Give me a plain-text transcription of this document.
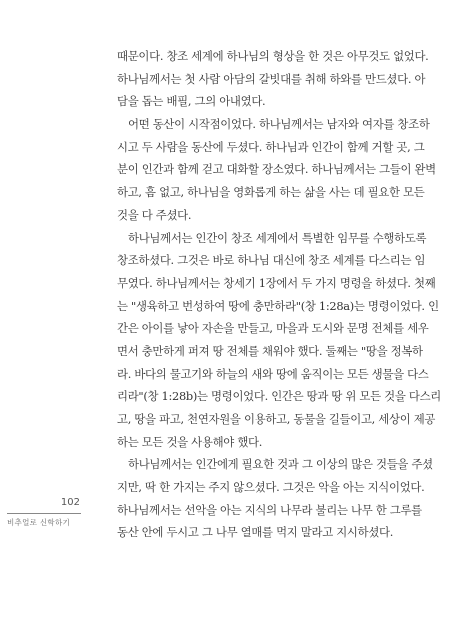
때문이다. 창조 세계에 하나님의 형상을 한 것은 아무것도 없었다.
하나님께서는 첫 사람 아담의 갈빗대를 취해 하와를 만드셨다. 아
담을 돕는 배필, 그의 아내였다.
어떤 동산이 시작점이었다. 하나님께서는 남자와 여자를 창조하
시고 두 사람을 동산에 두셨다. 하나님과 인간이 함께 거할 곳, 그
분이 인간과 함께 걷고 대화할 장소였다. 하나님께서는 그들이 완벽
하고, 흠 없고, 하나님을 영화롭게 하는 삶을 사는 데 필요한 모든
것을 다 주셨다.
하나님께서는 인간이 창조 세계에서 특별한 임무를 수행하도록
창조하셨다. 그것은 바로 하나님 대신에 창조 세계를 다스리는 임
무였다. 하나님께서는 창세기 1장에서 두 가지 명령을 하셨다. 첫째
는 "생육하고 번성하여 땅에 충만하라"(창 1:28a)는 명령이었다. 인
간은 아이를 낳아 자손을 만들고, 마을과 도시와 문명 전체를 세우
면서 충만하게 퍼져 땅 전체를 채워야 했다. 둘째는 "땅을 정복하
라. 바다의 물고기와 하늘의 새와 땅에 움직이는 모든 생물을 다스
리라"(창 1:28b)는 명령이었다. 인간은 땅과 땅 위 모든 것을 다스리
고, 땅을 파고, 천연자원을 이용하고, 동물을 길들이고, 세상이 제공
하는 모든 것을 사용해야 했다.
하나님께서는 인간에게 필요한 것과 그 이상의 많은 것들을 주셨
지만, 딱 한 가지는 주지 않으셨다. 그것은 악을 아는 지식이었다.
하나님께서는 선악을 아는 지식의 나무라 불리는 나무 한 그루를
동산 안에 두시고 그 나무 열매를 먹지 말라고 지시하셨다.
102
비추얼로 신학하기
